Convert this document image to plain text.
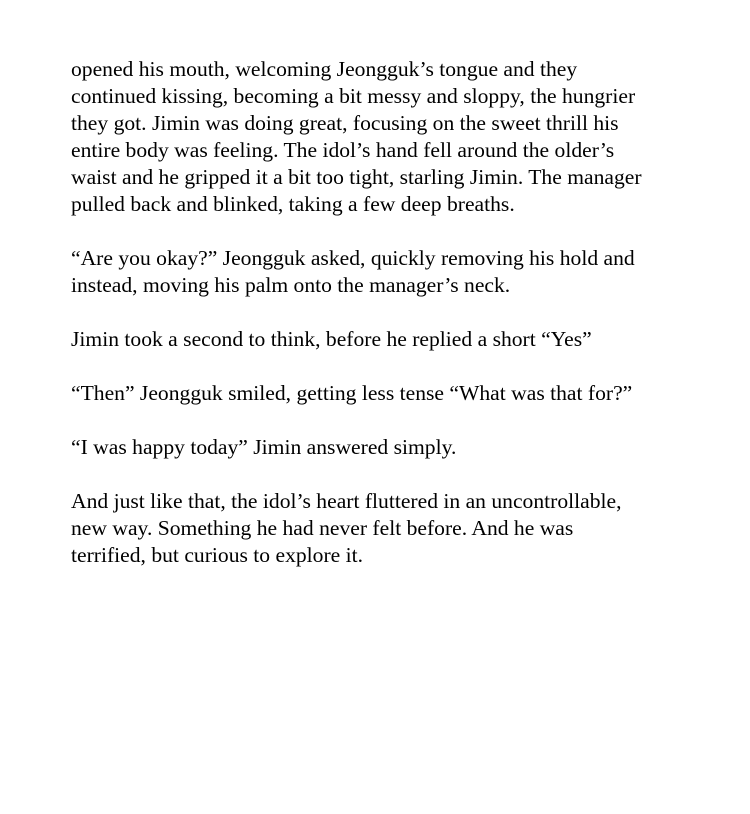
opened his mouth, welcoming Jeongguk’s tongue and they
continued kissing, becoming a bit messy and sloppy, the hungrier
they got. Jimin was doing great, focusing on the sweet thrill his
entire body was feeling. The idol’s hand fell around the older’s
waist and he gripped it a bit too tight, starling Jimin. The manager
pulled back and blinked, taking a few deep breaths.

“Are you okay?” Jeongguk asked, quickly removing his hold and
instead, moving his palm onto the manager’s neck.

Jimin took a second to think, before he replied a short “Yes”

“Then” Jeongguk smiled, getting less tense “What was that for?”

“I was happy today” Jimin answered simply.

And just like that, the idol’s heart fluttered in an uncontrollable,
new way. Something he had never felt before. And he was
terrified, but curious to explore it.
